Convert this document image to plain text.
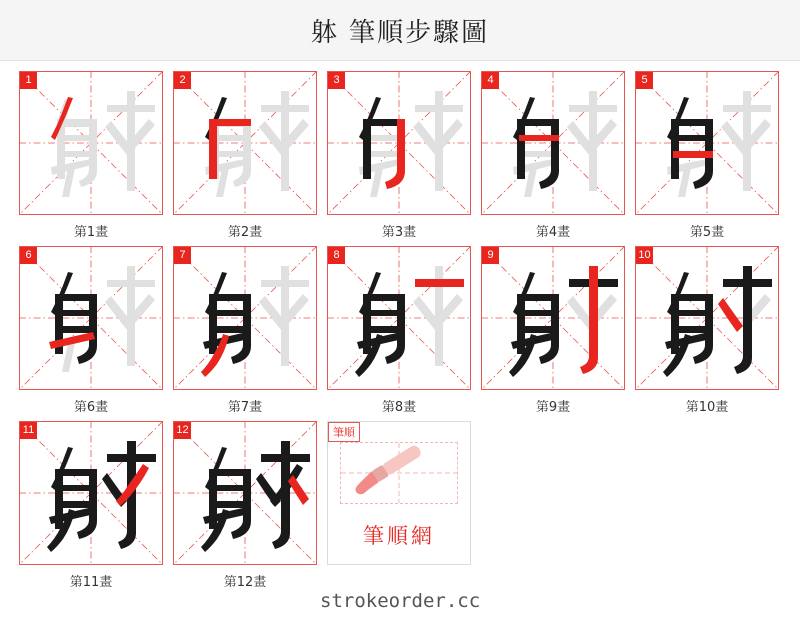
躰 筆順步驟圖
1
第1畫
2
第2畫
3
第3畫
4
第4畫
5
第5畫
6
第6畫
7
第7畫
8
第8畫
9
第9畫
10
第10畫
11
第11畫
12
第12畫
筆順
筆順網

strokeorder.cc
